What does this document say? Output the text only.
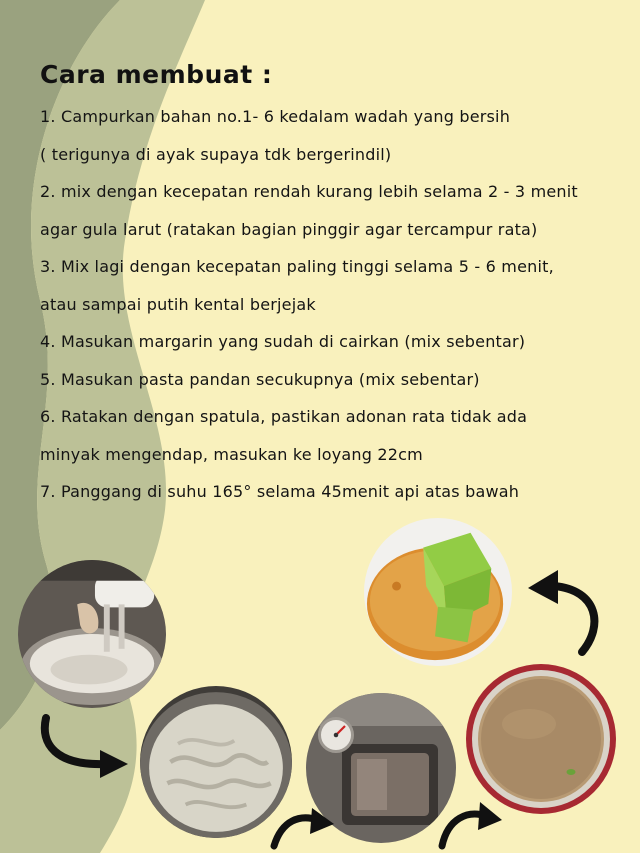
Cara membuat :
1. Campurkan bahan no.1- 6 kedalam wadah yang bersih
( terigunya di ayak supaya tdk bergerindil)
2. mix dengan kecepatan rendah kurang lebih selama 2 - 3 menit
agar gula larut (ratakan bagian pinggir agar tercampur rata)
3. Mix lagi dengan kecepatan paling tinggi selama 5 - 6 menit,
atau sampai putih kental berjejak
4. Masukan margarin yang sudah di cairkan (mix sebentar)
5. Masukan pasta pandan secukupnya (mix sebentar)
6. Ratakan dengan spatula, pastikan adonan rata tidak ada
minyak mengendap, masukan ke loyang 22cm
7. Panggang di suhu 165° selama 45menit api atas bawah
